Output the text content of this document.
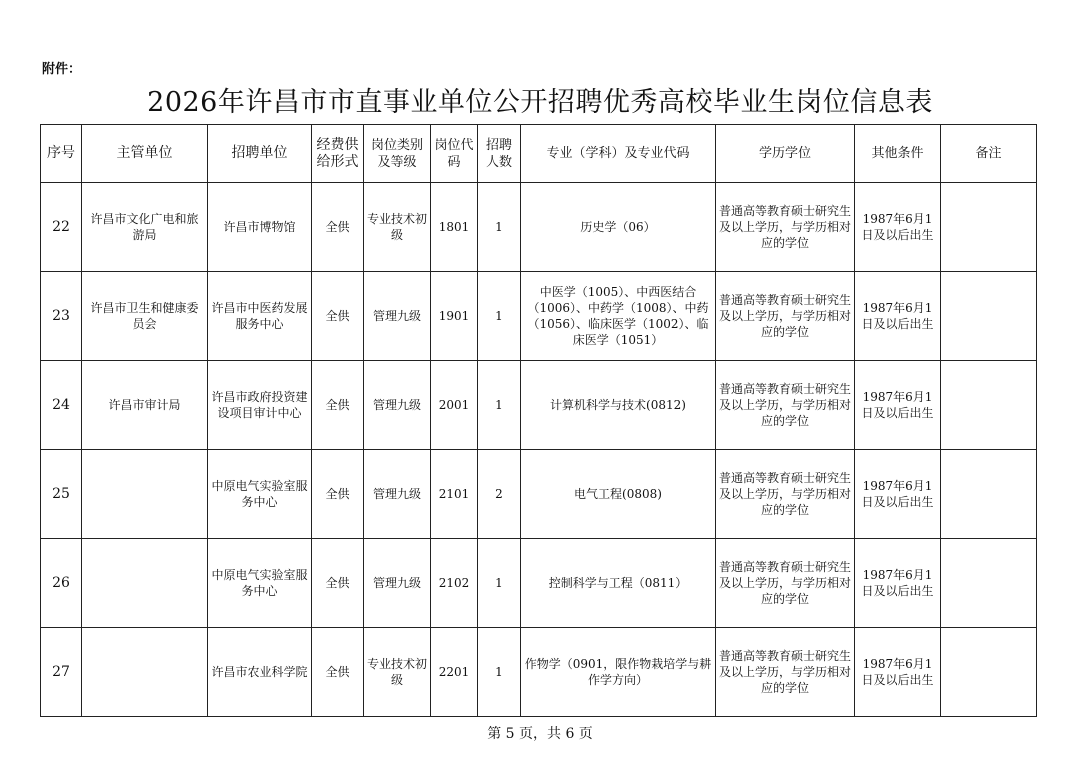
附件：
2026年许昌市市直事业单位公开招聘优秀高校毕业生岗位信息表
序号	主管单位	招聘单位	经费供给形式	岗位类别及等级	岗位代码	招聘人数	专业（学科）及专业代码	学历学位	其他条件	备注
22	许昌市文化广电和旅游局	许昌市博物馆	全供	专业技术初级	1801	1	历史学（06）	普通高等教育硕士研究生及以上学历，与学历相对应的学位	1987年6月1日及以后出生	
23	许昌市卫生和健康委员会	许昌市中医药发展服务中心	全供	管理九级	1901	1	中医学（1005）、中西医结合（1006）、中药学（1008）、中药（1056）、临床医学（1002）、临床医学（1051）	普通高等教育硕士研究生及以上学历，与学历相对应的学位	1987年6月1日及以后出生	
24	许昌市审计局	许昌市政府投资建设项目审计中心	全供	管理九级	2001	1	计算机科学与技术(0812)	普通高等教育硕士研究生及以上学历，与学历相对应的学位	1987年6月1日及以后出生	
25		中原电气实验室服务中心	全供	管理九级	2101	2	电气工程(0808)	普通高等教育硕士研究生及以上学历，与学历相对应的学位	1987年6月1日及以后出生	
26		中原电气实验室服务中心	全供	管理九级	2102	1	控制科学与工程（0811）	普通高等教育硕士研究生及以上学历，与学历相对应的学位	1987年6月1日及以后出生	
27		许昌市农业科学院	全供	专业技术初级	2201	1	作物学（0901，限作物栽培学与耕作学方向）	普通高等教育硕士研究生及以上学历，与学历相对应的学位	1987年6月1日及以后出生	
第 5 页，共 6 页
